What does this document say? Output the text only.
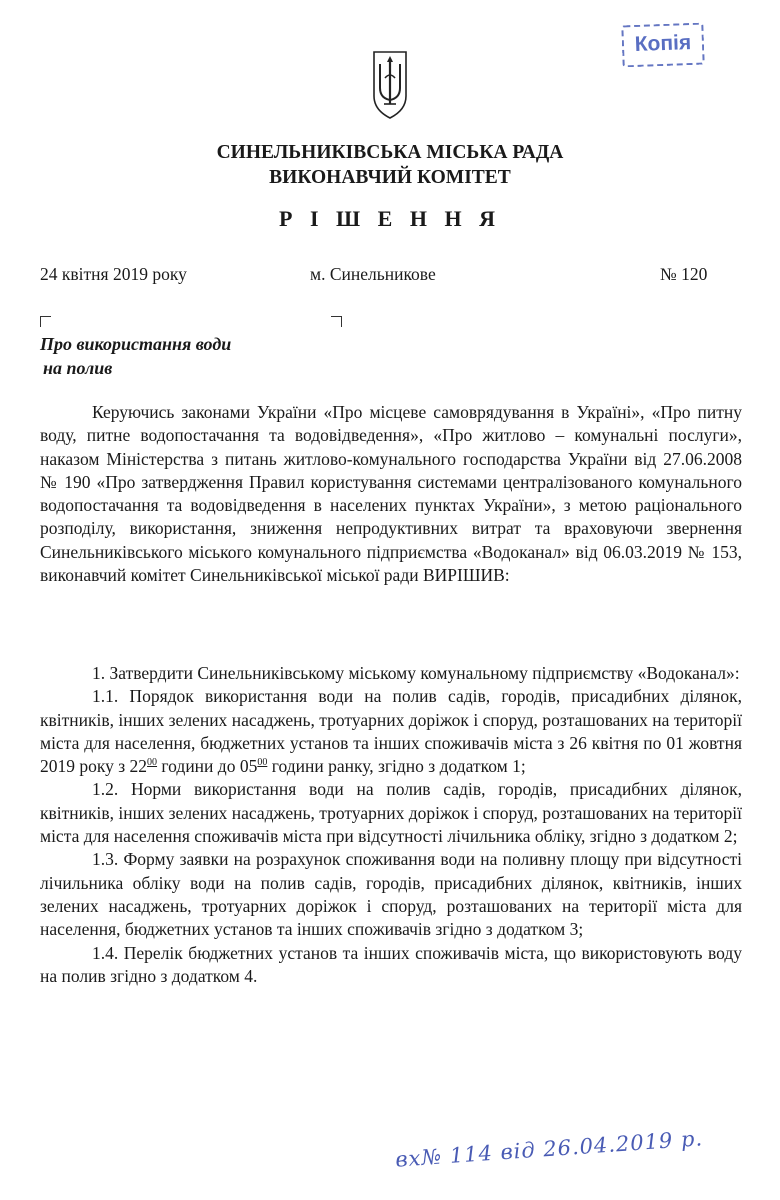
Копія
СИНЕЛЬНИКІВСЬКА МІСЬКА РАДА
ВИКОНАВЧИЙ КОМІТЕТ
Р І Ш Е Н Н Я
24 квітня 2019 року	м. Синельникове	№ 120
Про використання води
на полив

Керуючись законами України «Про місцеве самоврядування в Україні», «Про питну воду, питне водопостачання та водовідведення», «Про житлово – комунальні послуги», наказом Міністерства з питань житлово-комунального господарства України від 27.06.2008 № 190 «Про затвердження Правил користування системами централізованого комунального водопостачання та водовідведення в населених пунктах України», з метою раціонального розподілу, використання, зниження непродуктивних витрат та враховуючи звернення Синельниківського міського комунального підприємства «Водоканал» від 06.03.2019 № 153, виконавчий комітет Синельниківської міської ради ВИРІШИВ:

1. Затвердити Синельниківському міському комунальному підприємству «Водоканал»:

1.1. Порядок використання води на полив садів, городів, присадибних ділянок, квітників, інших зелених насаджень, тротуарних доріжок і споруд, розташованих на території міста для населення, бюджетних установ та інших споживачів міста з 26 квітня по 01 жовтня 2019 року з $22^{00}$ години до $05^{00}$ години ранку, згідно з додатком 1;

1.2. Норми використання води на полив садів, городів, присадибних ділянок, квітників, інших зелених насаджень, тротуарних доріжок і споруд, розташованих на території міста для населення споживачів міста при відсутності лічильника обліку, згідно з додатком 2;

1.3. Форму заявки на розрахунок споживання води на поливну площу при відсутності лічильника обліку води на полив садів, городів, присадибних ділянок, квітників, інших зелених насаджень, тротуарних доріжок і споруд, розташованих на території міста для населення, бюджетних установ та інших споживачів згідно з додатком 3;

1.4. Перелік бюджетних установ та інших споживачів міста, що використовують воду на полив згідно з додатком 4.

вх№ 114 від 26.04.2019 р.
